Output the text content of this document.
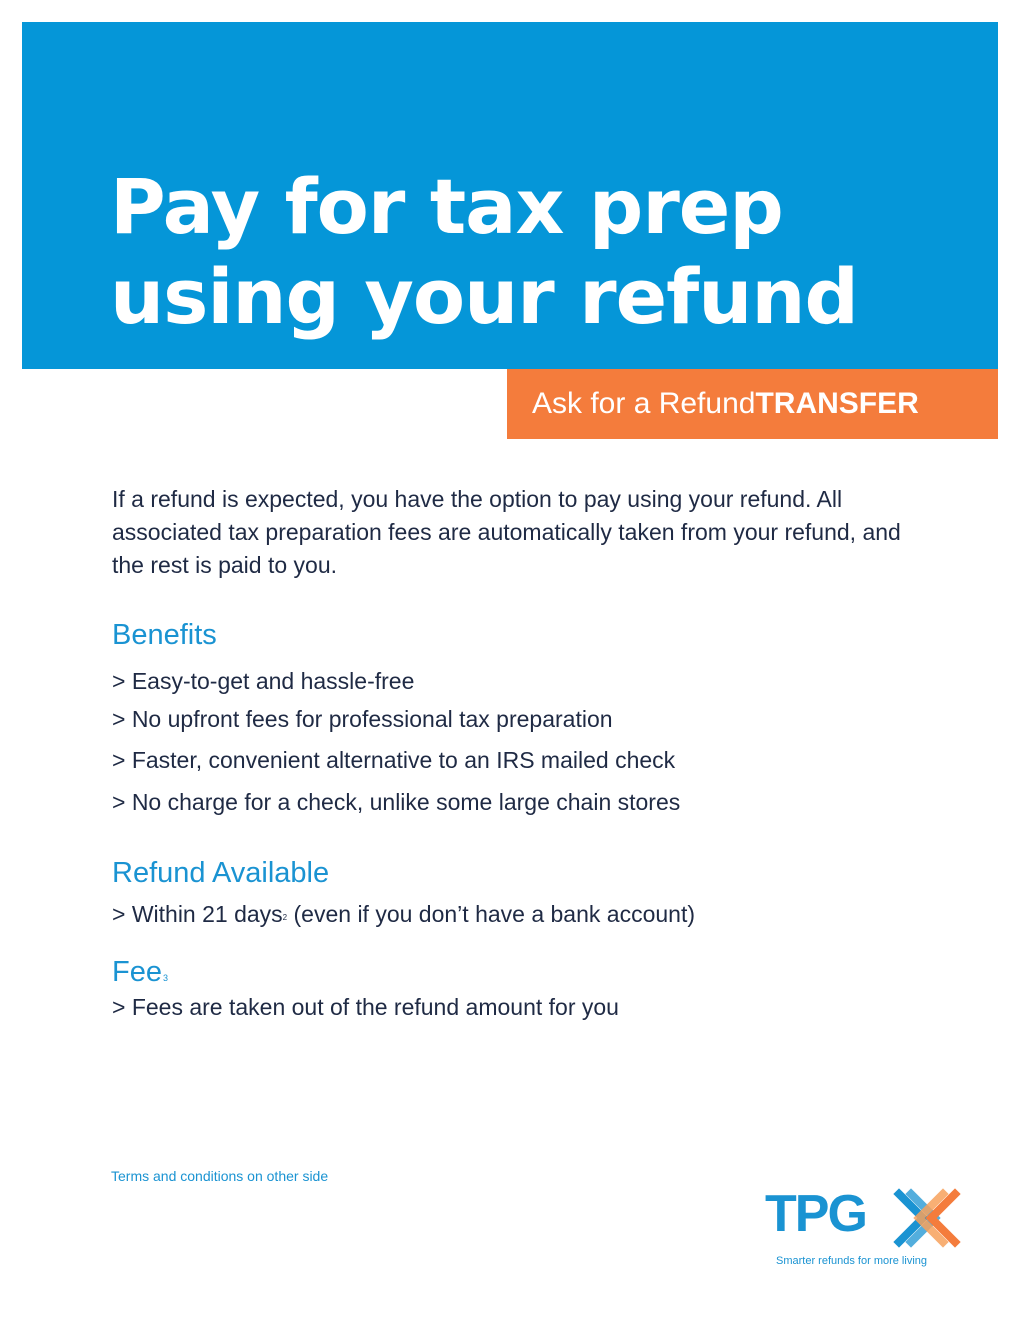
Pay for tax prep
using your refund
Ask for a RefundTRANSFER

If a refund is expected, you have the option to pay using your refund. All associated tax preparation fees are automatically taken from your refund, and the rest is paid to you.

Benefits

> Easy-to-get and hassle-free

> No upfront fees for professional tax preparation

> Faster, convenient alternative to an IRS mailed check

> No charge for a check, unlike some large chain stores

Refund Available

> Within 21 days$^2$ (even if you don’t have a bank account)

Fee$^3$

> Fees are taken out of the refund amount for you

Terms and conditions on other side
TPG
Smarter refunds for more living
